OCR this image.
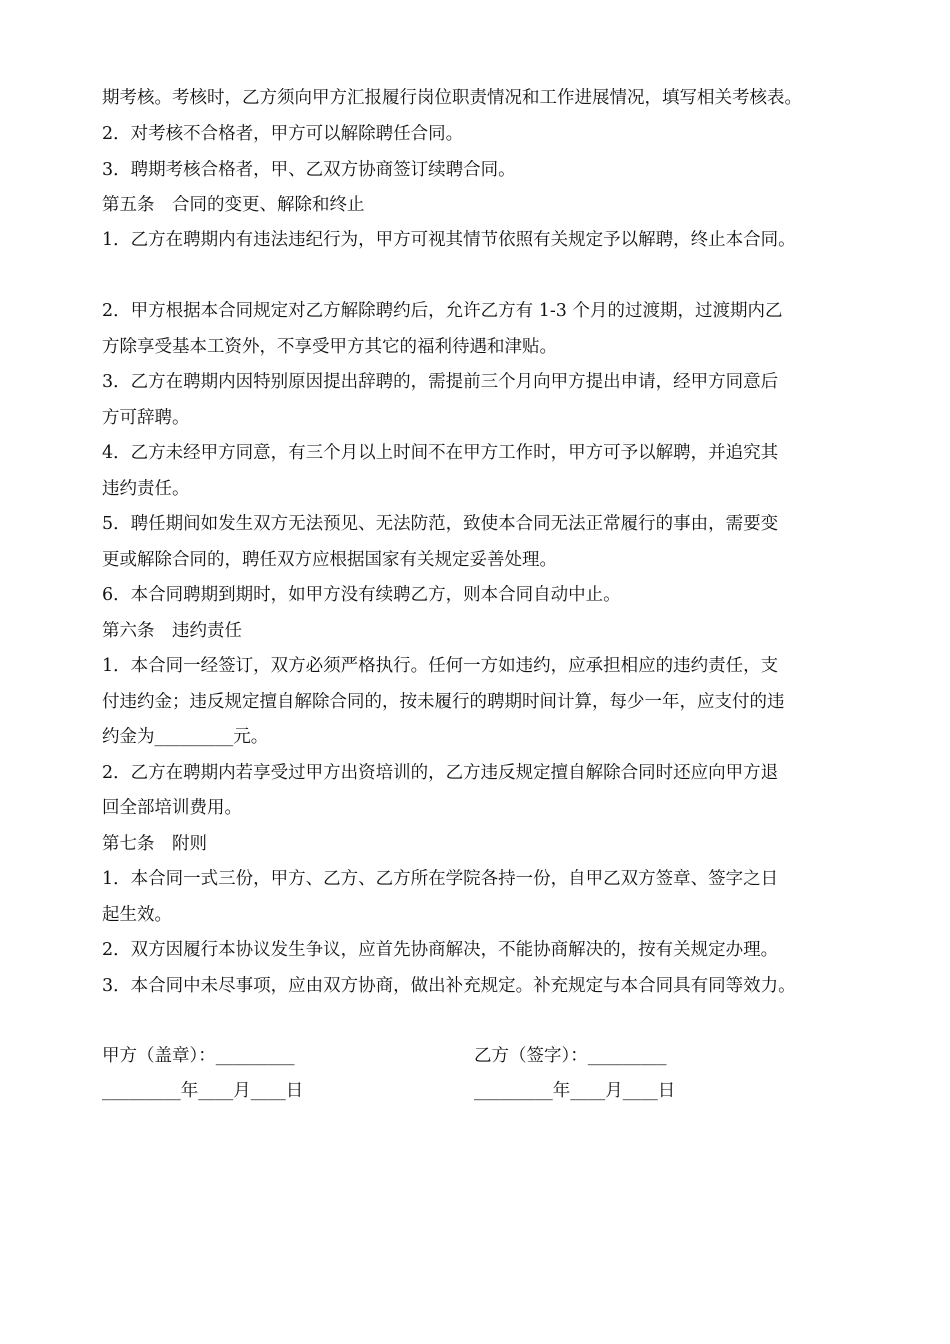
期考核。考核时，乙方须向甲方汇报履行岗位职责情况和工作进展情况，填写相关考核表。
2．对考核不合格者，甲方可以解除聘任合同。
3．聘期考核合格者，甲、乙双方协商签订续聘合同。
第五条　合同的变更、解除和终止
1．乙方在聘期内有违法违纪行为，甲方可视其情节依照有关规定予以解聘，终止本合同。
2．甲方根据本合同规定对乙方解除聘约后，允许乙方有 1-3 个月的过渡期，过渡期内乙
方除享受基本工资外，不享受甲方其它的福利待遇和津贴。
3．乙方在聘期内因特别原因提出辞聘的，需提前三个月向甲方提出申请，经甲方同意后
方可辞聘。
4．乙方未经甲方同意，有三个月以上时间不在甲方工作时，甲方可予以解聘，并追究其
违约责任。
5．聘任期间如发生双方无法预见、无法防范，致使本合同无法正常履行的事由，需要变
更或解除合同的，聘任双方应根据国家有关规定妥善处理。
6．本合同聘期到期时，如甲方没有续聘乙方，则本合同自动中止。
第六条　违约责任
1．本合同一经签订，双方必须严格执行。任何一方如违约，应承担相应的违约责任，支
付违约金；违反规定擅自解除合同的，按未履行的聘期时间计算，每少一年，应支付的违
约金为_________元。
2．乙方在聘期内若享受过甲方出资培训的，乙方违反规定擅自解除合同时还应向甲方退
回全部培训费用。
第七条　附则
1．本合同一式三份，甲方、乙方、乙方所在学院各持一份，自甲乙双方签章、签字之日
起生效。
2．双方因履行本协议发生争议，应首先协商解决，不能协商解决的，按有关规定办理。
3．本合同中未尽事项，应由双方协商，做出补充规定。补充规定与本合同具有同等效力。
甲方（盖章）：_________
_________年____月____日
乙方（签字）：_________
_________年____月____日
